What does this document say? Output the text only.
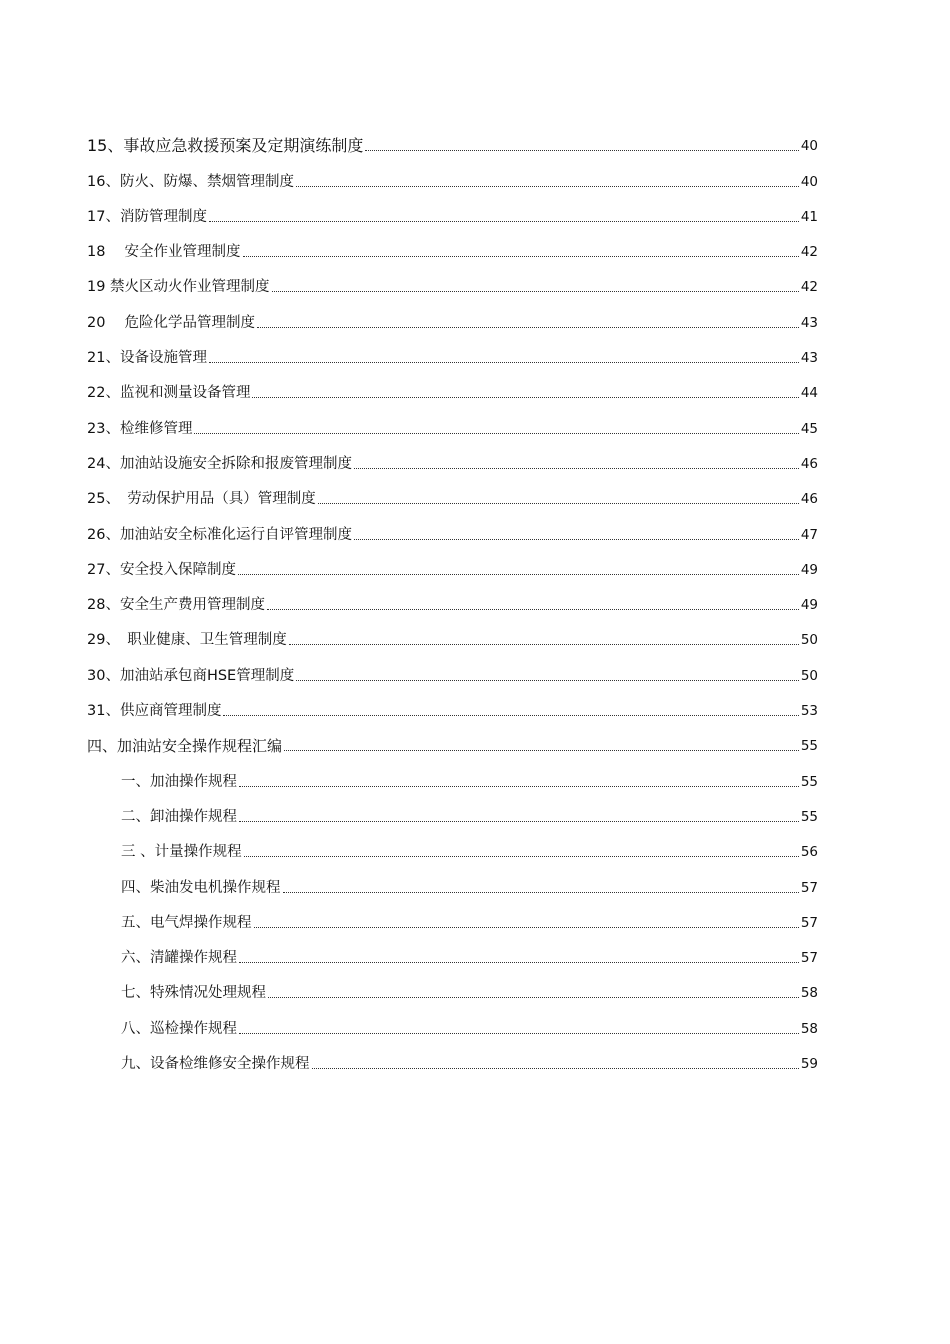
15、事故应急救援预案及定期演练制度	40
16、防火、防爆、禁烟管理制度	40
17、消防管理制度	41
18　 安全作业管理制度	42
19 禁火区动火作业管理制度	42
20　 危险化学品管理制度	43
21、设备设施管理	43
22、监视和测量设备管理	44
23、检维修管理	45
24、加油站设施安全拆除和报废管理制度	46
25、　劳动保护用品（具）管理制度	46
26、加油站安全标准化运行自评管理制度	47
27、安全投入保障制度	49
28、安全生产费用管理制度	49
29、　职业健康、卫生管理制度	50
30、加油站承包商HSE管理制度	50
31、供应商管理制度	53
四、加油站安全操作规程汇编	55
一、加油操作规程	55
二、卸油操作规程	55
三 、计量操作规程	56
四、柴油发电机操作规程	57
五、电气焊操作规程	57
六、清罐操作规程	57
七、特殊情况处理规程	58
八、巡检操作规程	58
九、设备检维修安全操作规程	59
